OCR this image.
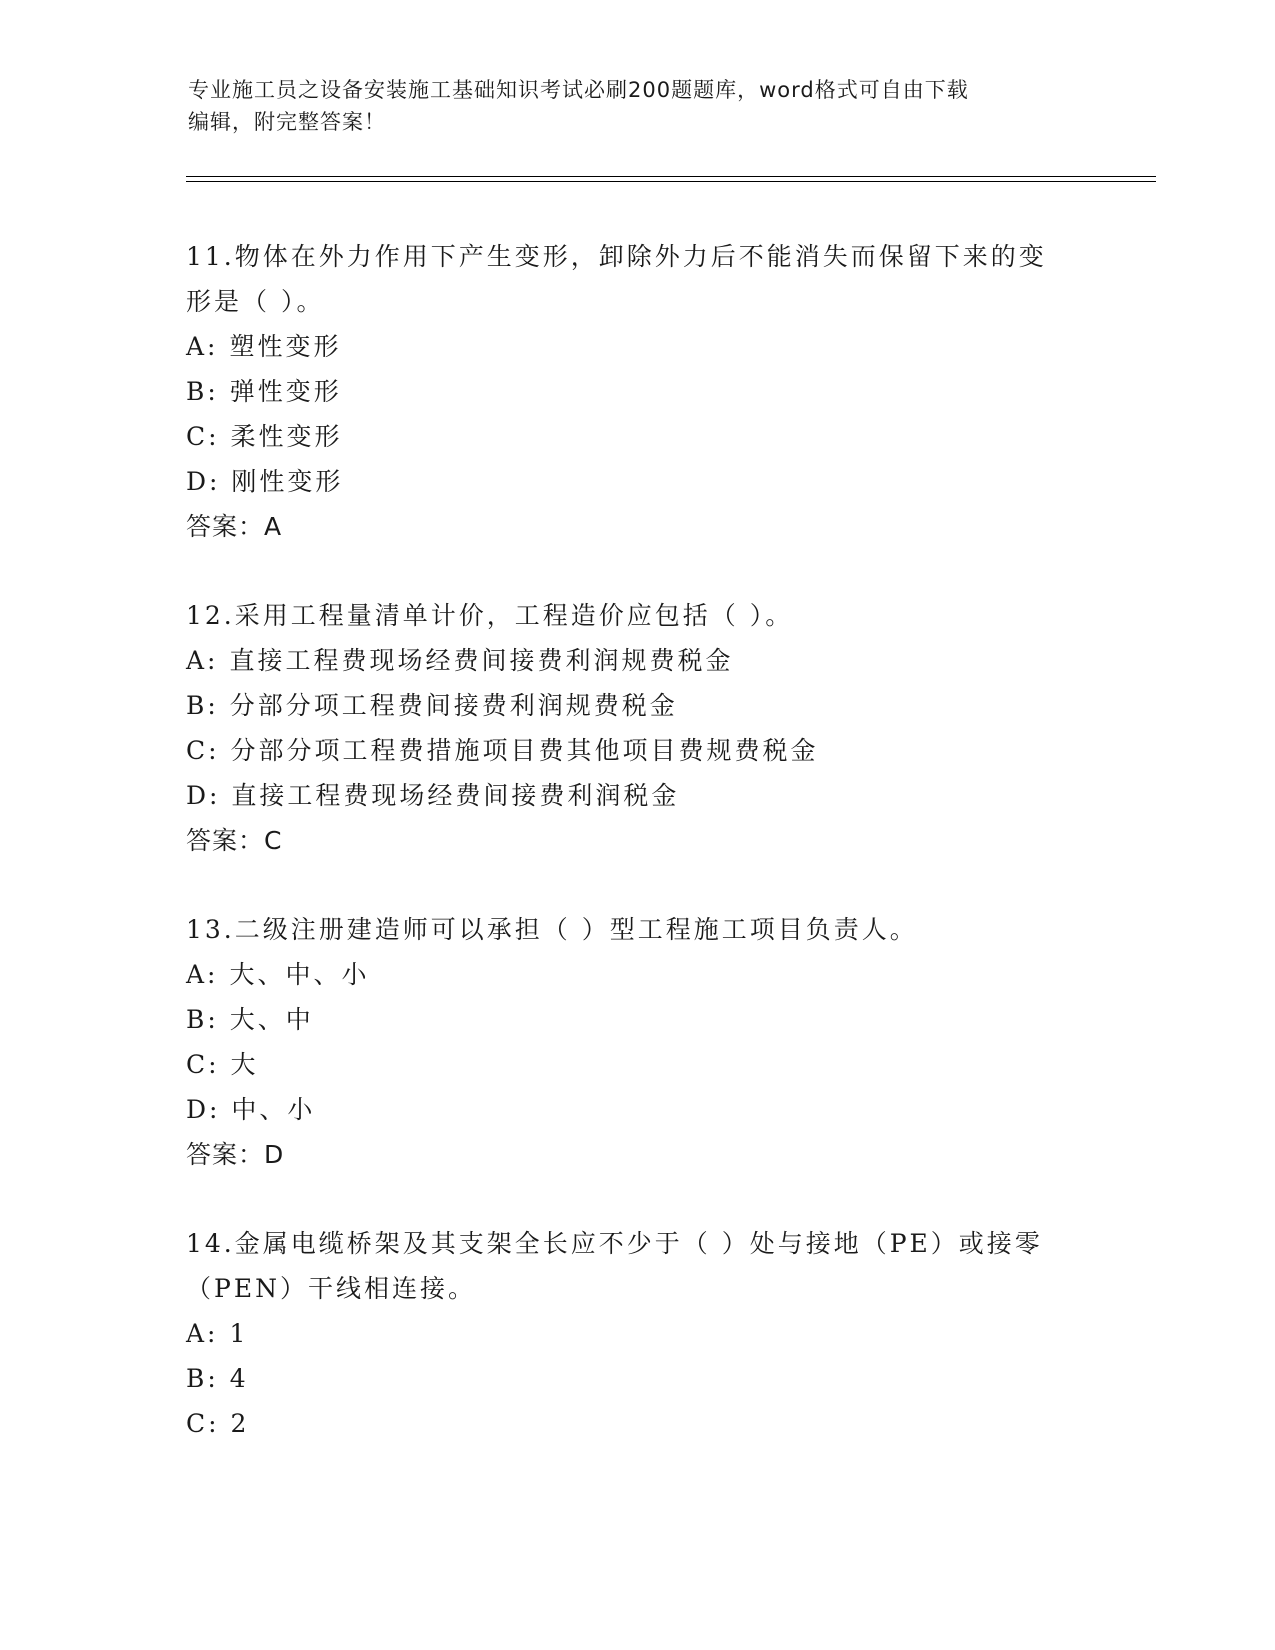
专业施工员之设备安装施工基础知识考试必刷200题题库，word格式可自由下载
编辑，附完整答案！
11.物体在外力作用下产生变形，卸除外力后不能消失而保留下来的变
形是（ ）。
A: 塑性变形
B: 弹性变形
C: 柔性变形
D: 刚性变形
答案：A
12.采用工程量清单计价，工程造价应包括（ ）。
A: 直接工程费现场经费间接费利润规费税金
B: 分部分项工程费间接费利润规费税金
C: 分部分项工程费措施项目费其他项目费规费税金
D: 直接工程费现场经费间接费利润税金
答案：C
13.二级注册建造师可以承担（ ）型工程施工项目负责人。
A: 大、中、小
B: 大、中
C: 大
D: 中、小
答案：D
14.金属电缆桥架及其支架全长应不少于（ ）处与接地（PE）或接零
（PEN）干线相连接。
A: 1
B: 4
C: 2
